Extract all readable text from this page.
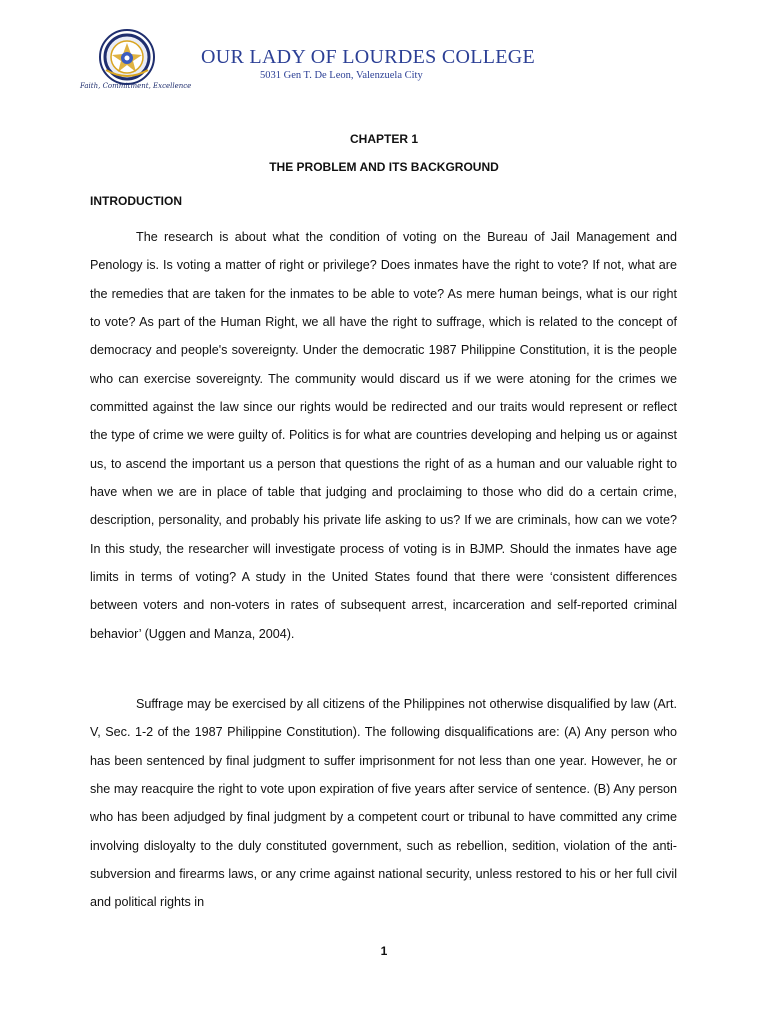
Faith, Commitment, Excellence
OUR LADY OF LOURDES COLLEGE
5031 Gen T. De Leon, Valenzuela City
CHAPTER 1
THE PROBLEM AND ITS BACKGROUND
INTRODUCTION

The research is about what the condition of voting on the Bureau of Jail Management and Penology is. Is voting a matter of right or privilege? Does inmates have the right to vote? If not, what are the remedies that are taken for the inmates to be able to vote? As mere human beings, what is our right to vote? As part of the Human Right, we all have the right to suffrage, which is related to the concept of democracy and people's sovereignty. Under the democratic 1987 Philippine Constitution, it is the people who can exercise sovereignty. The community would discard us if we were atoning for the crimes we committed against the law since our rights would be redirected and our traits would represent or reflect the type of crime we were guilty of. Politics is for what are countries developing and helping us or against us, to ascend the important us a person that questions the right of as a human and our valuable right to have when we are in place of table that judging and proclaiming to those who did do a certain crime, description, personality, and probably his private life asking to us? If we are criminals, how can we vote? In this study, the researcher will investigate process of voting is in BJMP. Should the inmates have age limits in terms of voting? A study in the United States found that there were ‘consistent differences between voters and non-voters in rates of subsequent arrest, incarceration and self-reported criminal behavior’ (Uggen and Manza, 2004).

Suffrage may be exercised by all citizens of the Philippines not otherwise disqualified by law (Art. V, Sec. 1-2 of the 1987 Philippine Constitution). The following disqualifications are: (A) Any person who has been sentenced by final judgment to suffer imprisonment for not less than one year. However, he or she may reacquire the right to vote upon expiration of five years after service of sentence. (B) Any person who has been adjudged by final judgment by a competent court or tribunal to have committed any crime involving disloyalty to the duly constituted government, such as rebellion, sedition, violation of the anti-subversion and firearms laws, or any crime against national security, unless restored to his or her full civil and political rights in

1
